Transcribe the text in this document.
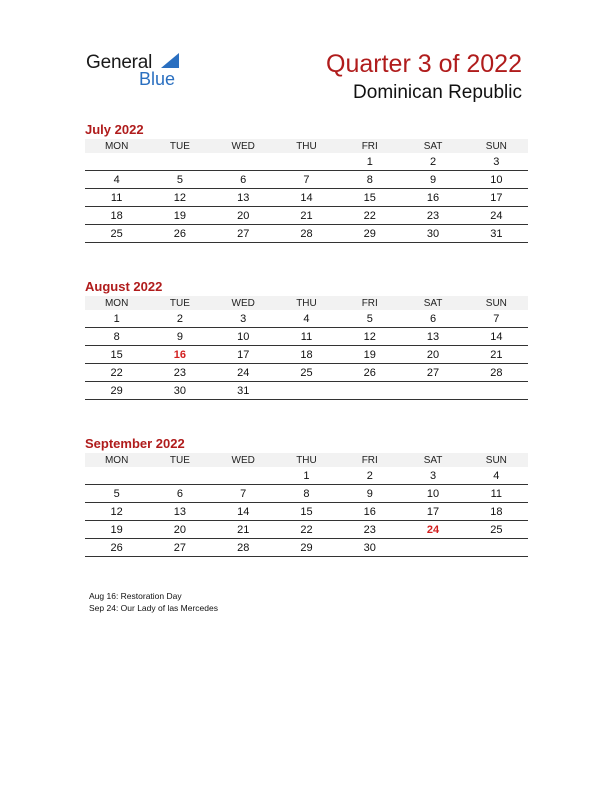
General
Blue
Quarter 3 of 2022
Dominican Republic
July 2022
MON	TUE	WED	THU	FRI	SAT	SUN
				1	2	3
4	5	6	7	8	9	10
11	12	13	14	15	16	17
18	19	20	21	22	23	24
25	26	27	28	29	30	31
August 2022
MON	TUE	WED	THU	FRI	SAT	SUN
1	2	3	4	5	6	7
8	9	10	11	12	13	14
15	16	17	18	19	20	21
22	23	24	25	26	27	28
29	30	31				
September 2022
MON	TUE	WED	THU	FRI	SAT	SUN
			1	2	3	4
5	6	7	8	9	10	11
12	13	14	15	16	17	18
19	20	21	22	23	24	25
26	27	28	29	30		
Aug 16: Restoration Day
Sep 24: Our Lady of las Mercedes
